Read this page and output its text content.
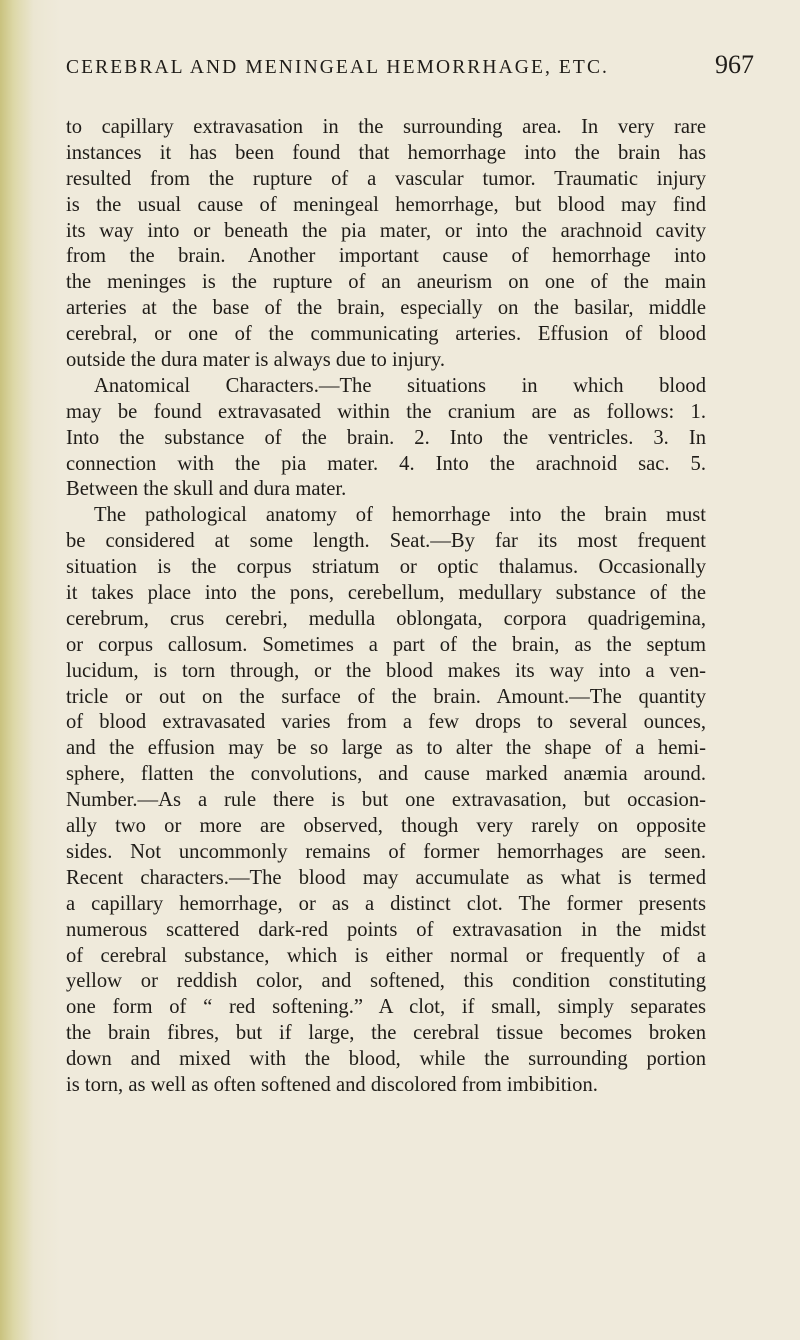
CEREBRAL AND MENINGEAL HEMORRHAGE, ETC.	967
to capillary extravasation in the surrounding area. In very rare
instances it has been found that hemorrhage into the brain has
resulted from the rupture of a vascular tumor. Traumatic injury
is the usual cause of meningeal hemorrhage, but blood may find
its way into or beneath the pia mater, or into the arachnoid cavity
from the brain. Another important cause of hemorrhage into
the meninges is the rupture of an aneurism on one of the main
arteries at the base of the brain, especially on the basilar, middle
cerebral, or one of the communicating arteries. Effusion of blood
outside the dura mater is always due to injury.
Anatomical Characters.—The situations in which blood
may be found extravasated within the cranium are as follows: 1.
Into the substance of the brain. 2. Into the ventricles. 3. In
connection with the pia mater. 4. Into the arachnoid sac. 5.
Between the skull and dura mater.
The pathological anatomy of hemorrhage into the brain must
be considered at some length. Seat.—By far its most frequent
situation is the corpus striatum or optic thalamus. Occasionally
it takes place into the pons, cerebellum, medullary substance of the
cerebrum, crus cerebri, medulla oblongata, corpora quadrigemina,
or corpus callosum. Sometimes a part of the brain, as the septum
lucidum, is torn through, or the blood makes its way into a ven-
tricle or out on the surface of the brain. Amount.—The quantity
of blood extravasated varies from a few drops to several ounces,
and the effusion may be so large as to alter the shape of a hemi-
sphere, flatten the convolutions, and cause marked anæmia around.
Number.—As a rule there is but one extravasation, but occasion-
ally two or more are observed, though very rarely on opposite
sides. Not uncommonly remains of former hemorrhages are seen.
Recent characters.—The blood may accumulate as what is termed
a capillary hemorrhage, or as a distinct clot. The former presents
numerous scattered dark-red points of extravasation in the midst
of cerebral substance, which is either normal or frequently of a
yellow or reddish color, and softened, this condition constituting
one form of “ red softening.” A clot, if small, simply separates
the brain fibres, but if large, the cerebral tissue becomes broken
down and mixed with the blood, while the surrounding portion
is torn, as well as often softened and discolored from imbibition.
